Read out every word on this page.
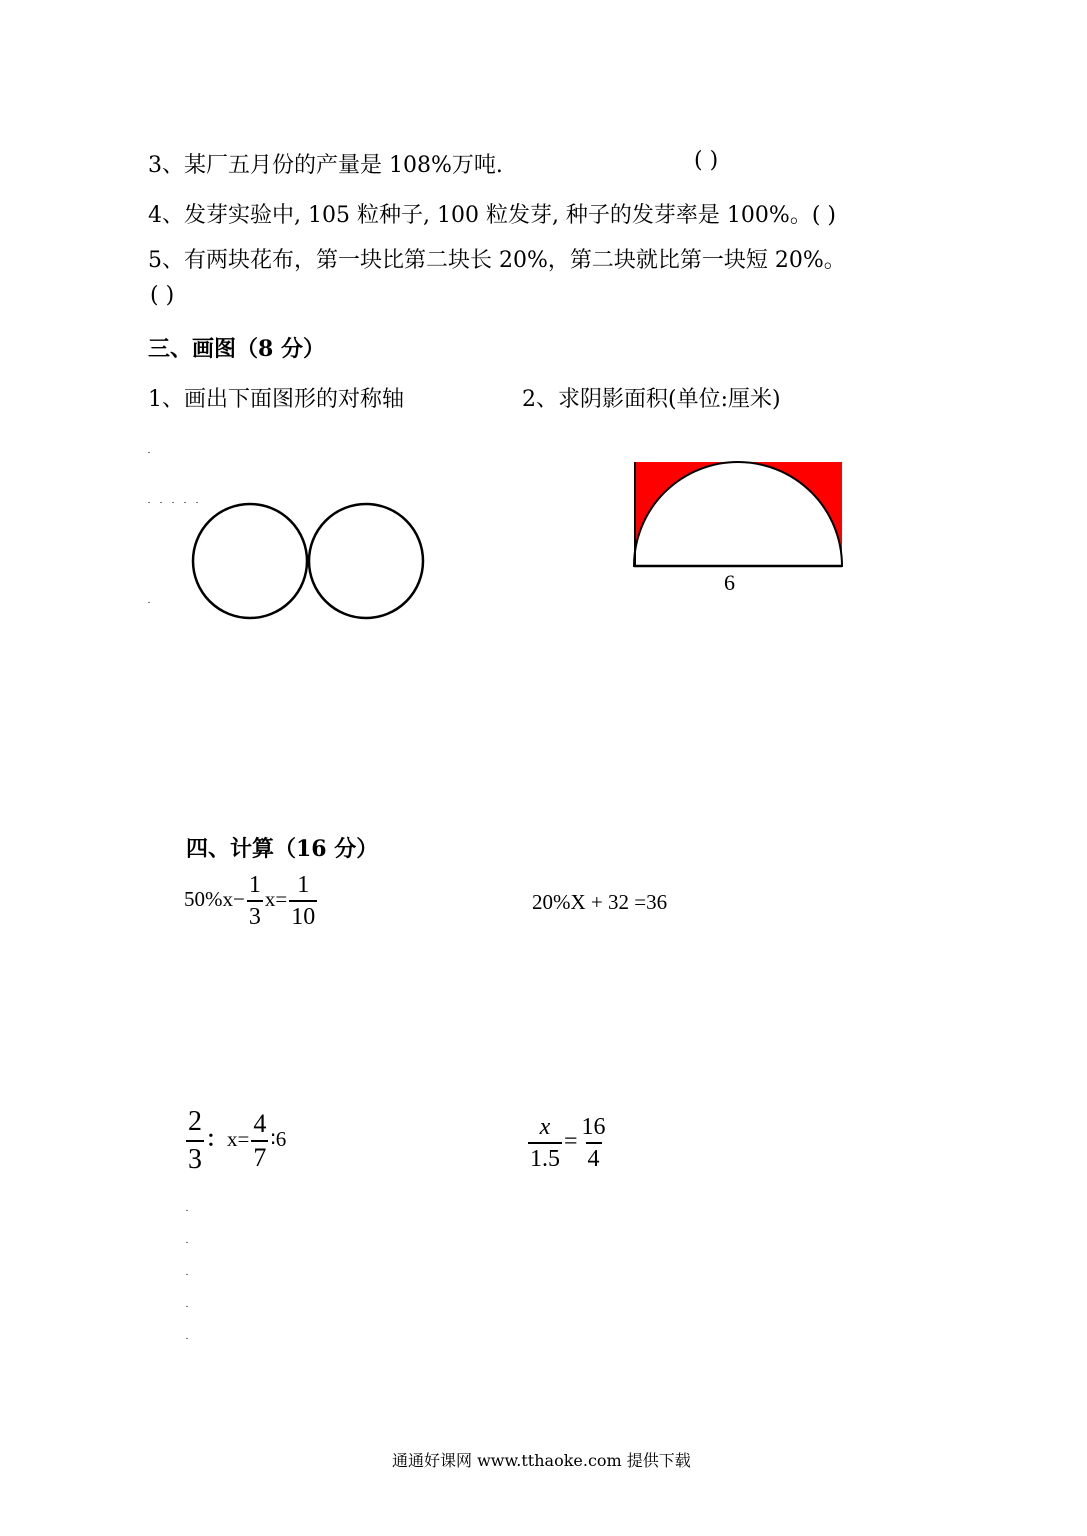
3、某厂五月份的产量是 108%万吨.	( )
4、发芽实验中, 105 粒种子, 100 粒发芽, 种子的发芽率是 100%。( )
5、有两块花布，第一块比第二块长 20%，第二块就比第一块短 20%。
( )
三、画图（8 分）
1、画出下面图形的对称轴	2、求阴影面积(单位:厘米)
6
四、计算（16 分）
$50\%x- \frac{1}{3} x= \frac{1}{10}$	20%X + 32 =36
$\frac{2}{3}$ ：$x= \frac{4}{7}$ ∶6	$\frac{x}{1.5} = \frac{16}{4}$
通通好课网 www.tthaoke.com 提供下载
